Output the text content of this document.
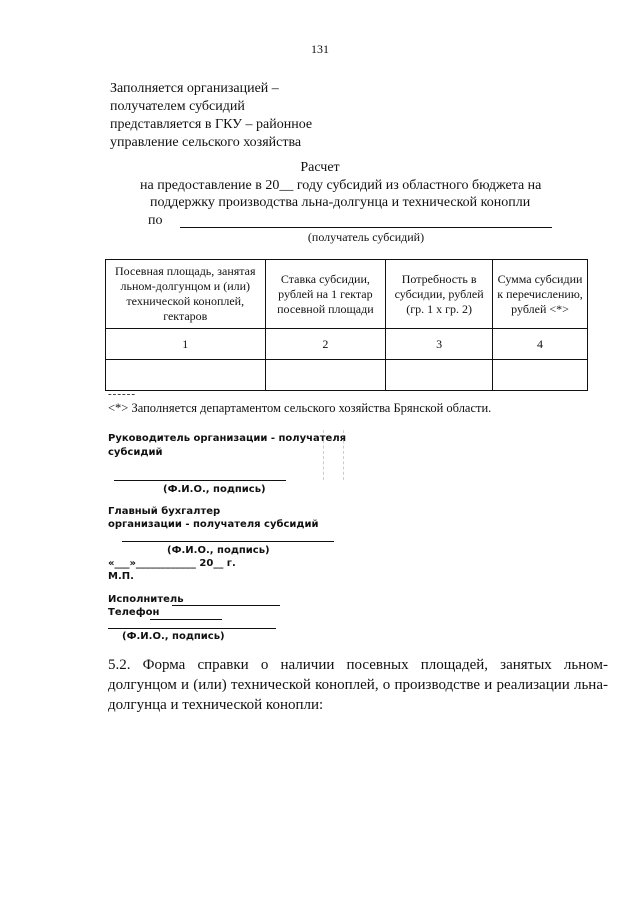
131
Заполняется организацией –
получателем субсидий
представляется в ГКУ – районное
управление сельского хозяйства
Расчет
на предоставление в 20__ году субсидий из областного бюджета на
поддержку производства льна-долгунца и технической конопли
по
(получатель субсидий)
Посевная площадь, занятая льном-долгунцом и (или) технической коноплей, гектаров	Ставка субсидии, рублей на 1 гектар посевной площади	Потребность в субсидии, рублей (гр. 1 х гр. 2)	Сумма субсидии к перечислению, рублей <*>
1	2	3	4

------
<*> Заполняется департаментом сельского хозяйства Брянской области.
Руководитель организации - получателя
субсидий
(Ф.И.О., подпись)
Главный бухгалтер
организации - получателя субсидий
(Ф.И.О., подпись)
«___»____________ 20__ г.
М.П.
Исполнитель
Телефон
(Ф.И.О., подпись)
5.2. Форма справки о наличии посевных площадей, занятых льном-долгунцом и (или) технической коноплей, о производстве и реализации льна-долгунца и технической конопли:
